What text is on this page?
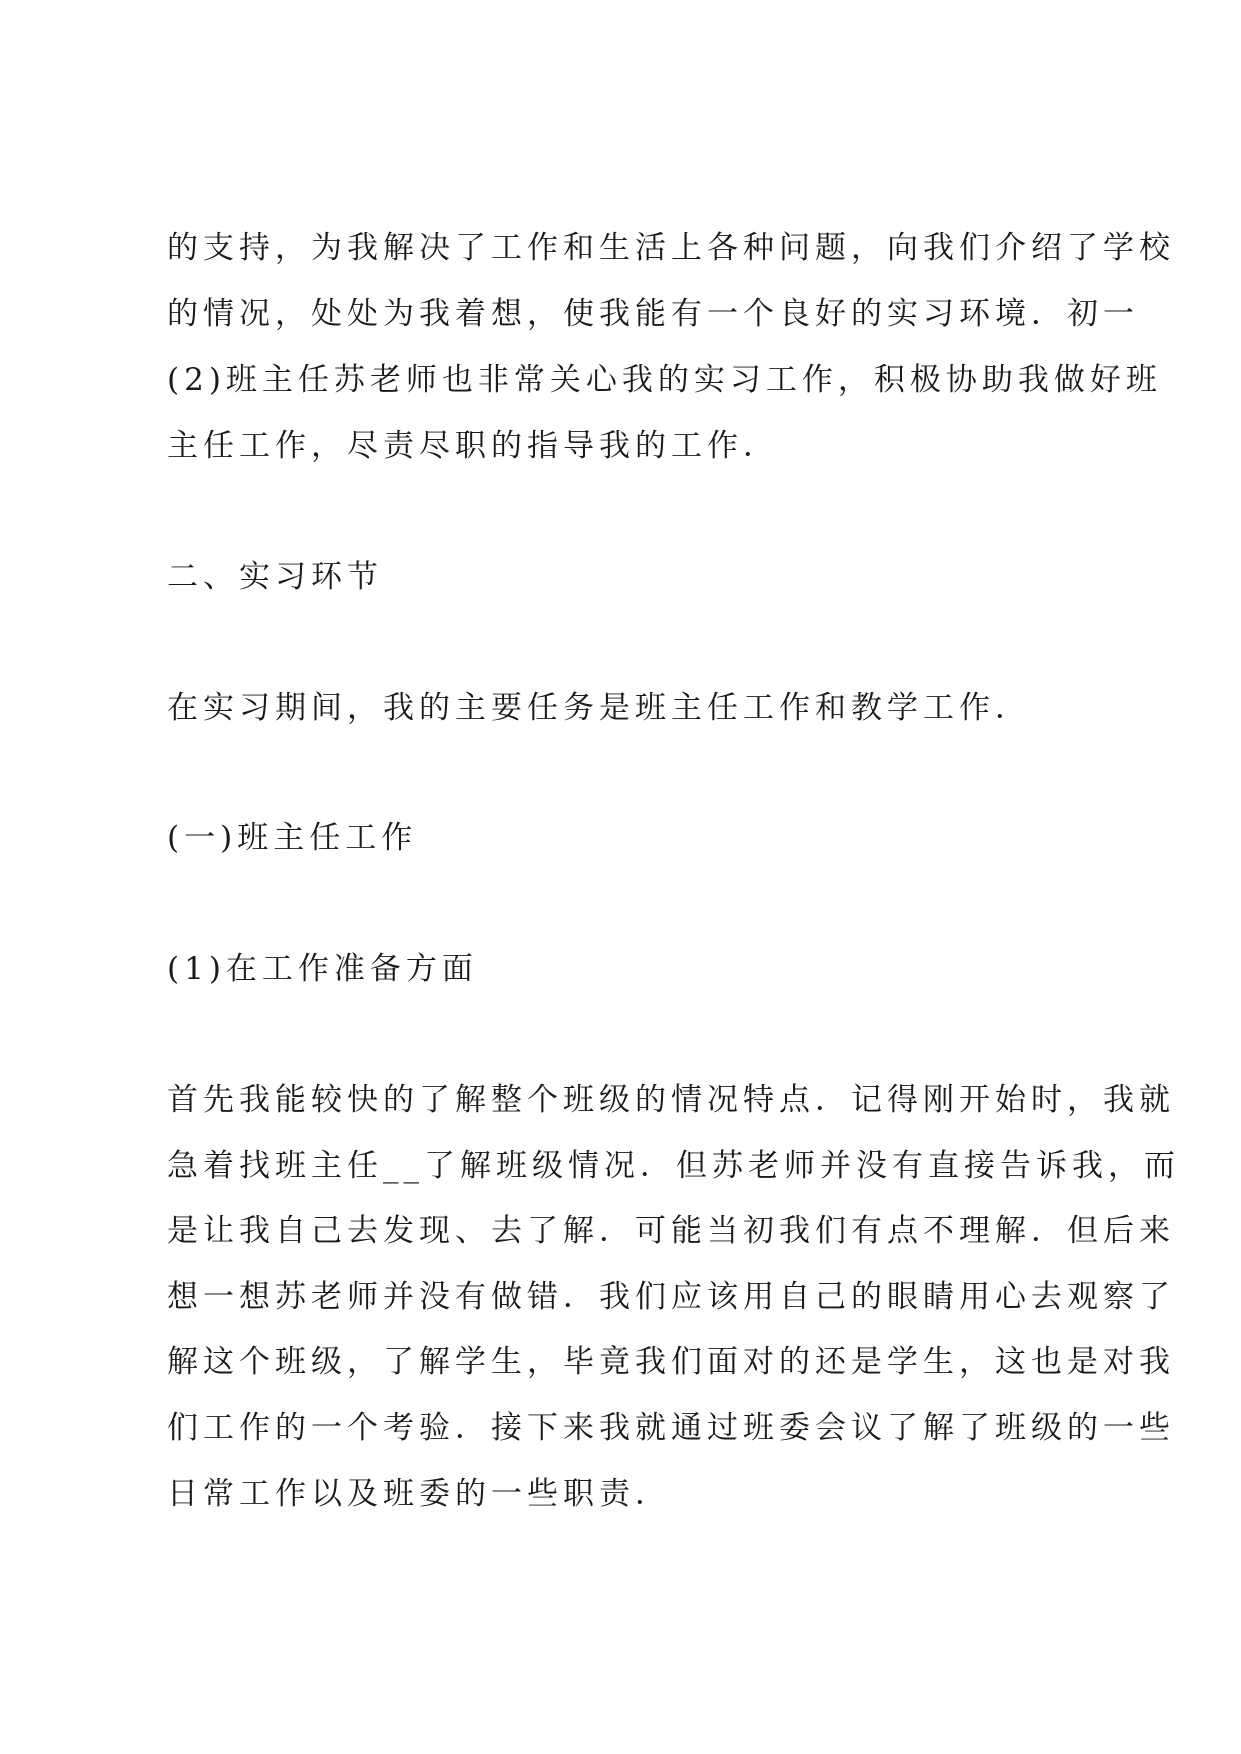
的支持，为我解决了工作和生活上各种问题，向我们介绍了学校
的情况，处处为我着想，使我能有一个良好的实习环境．初一
(2)班主任苏老师也非常关心我的实习工作，积极协助我做好班
主任工作，尽责尽职的指导我的工作．
二、实习环节
在实习期间，我的主要任务是班主任工作和教学工作．
(一)班主任工作
(1)在工作准备方面
首先我能较快的了解整个班级的情况特点．记得刚开始时，我就
急着找班主任__了解班级情况．但苏老师并没有直接告诉我，而
是让我自己去发现、去了解．可能当初我们有点不理解．但后来
想一想苏老师并没有做错．我们应该用自己的眼睛用心去观察了
解这个班级，了解学生，毕竟我们面对的还是学生，这也是对我
们工作的一个考验．接下来我就通过班委会议了解了班级的一些
日常工作以及班委的一些职责．
